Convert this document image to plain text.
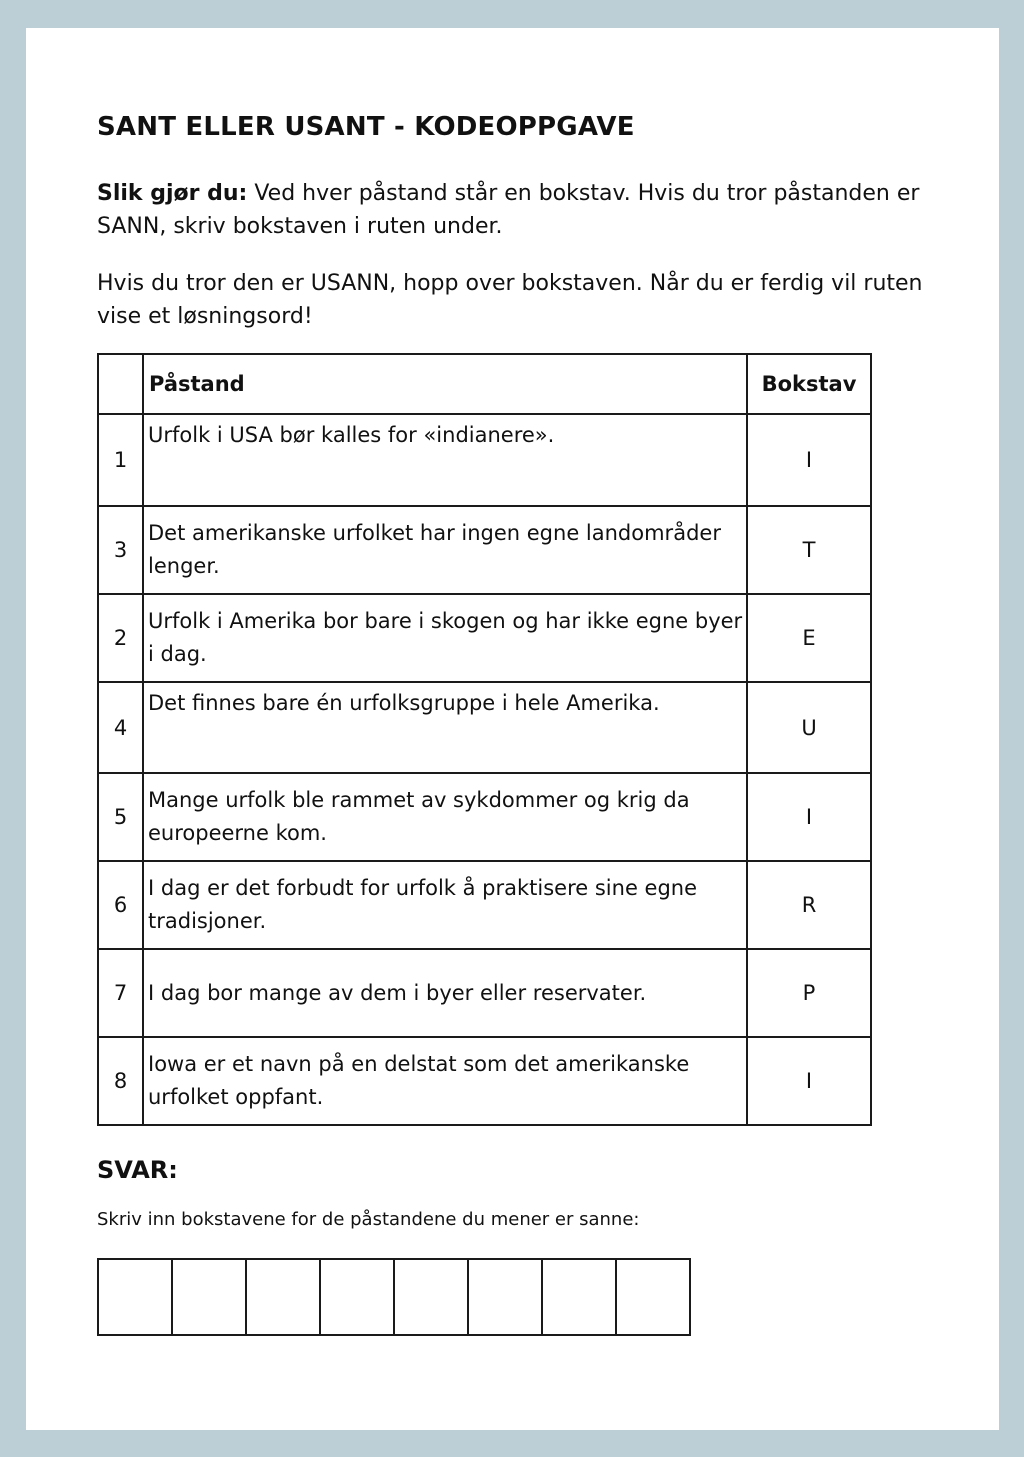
SANT ELLER USANT - KODEOPPGAVE

Slik gjør du: Ved hver påstand står en bokstav. Hvis du tror påstanden er SANN, skriv bokstaven i ruten under.

Hvis du tror den er USANN, hopp over bokstaven. Når du er ferdig vil ruten vise et løsningsord!

	Påstand	Bokstav
1	Urfolk i USA bør kalles for «indianere».	I
3	Det amerikanske urfolket har ingen egne landområder lenger.	T
2	Urfolk i Amerika bor bare i skogen og har ikke egne byer i dag.	E
4	Det finnes bare én urfolksgruppe i hele Amerika.	U
5	Mange urfolk ble rammet av sykdommer og krig da europeerne kom.	I
6	I dag er det forbudt for urfolk å praktisere sine egne tradisjoner.	R
7	I dag bor mange av dem i byer eller reservater.	P
8	Iowa er et navn på en delstat som det amerikanske urfolket oppfant.	I
SVAR:

Skriv inn bokstavene for de påstandene du mener er sanne:
